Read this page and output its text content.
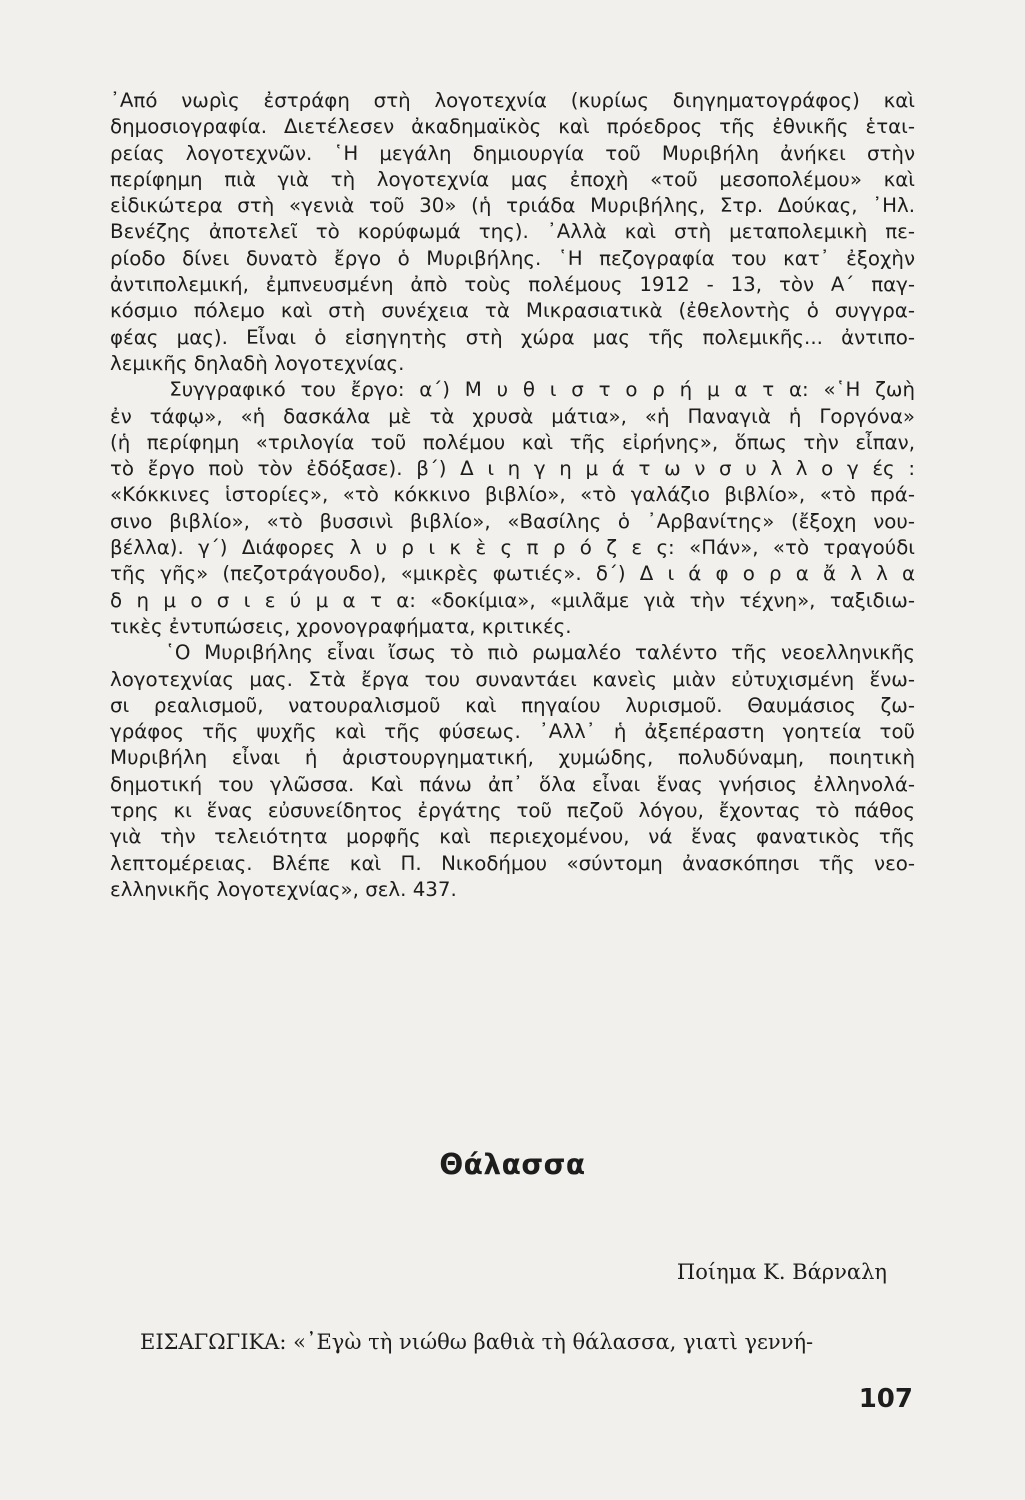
᾿Από νωρὶς ἐστράφη στὴ λογοτεχνία (κυρίως διηγηματογράφος) καὶ
δημοσιογραφία. Διετέλεσεν ἀκαδημαϊκὸς καὶ πρόεδρος τῆς ἐθνικῆς ἑται-
ρείας λογοτεχνῶν. ῾Η μεγάλη δημιουργία τοῦ Μυριβήλη ἀνήκει στὴν
περίφημη πιὰ γιὰ τὴ λογοτεχνία μας ἐποχὴ «τοῦ μεσοπολέμου» καὶ
εἰδικώτερα στὴ «γενιὰ τοῦ 30» (ἡ τριάδα Μυριβήλης, Στρ. Δούκας, ᾿Ηλ.
Βενέζης ἀποτελεῖ τὸ κορύφωμά της). ᾿Αλλὰ καὶ στὴ μεταπολεμικὴ πε-
ρίοδο δίνει δυνατὸ ἔργο ὁ Μυριβήλης. ῾Η πεζογραφία του κατ᾿ ἐξοχὴν
ἀντιπολεμική, ἐμπνευσμένη ἀπὸ τοὺς πολέμους 1912 - 13, τὸν Α΄ παγ-
κόσμιο πόλεμο καὶ στὴ συνέχεια τὰ Μικρασιατικὰ (ἐθελοντὴς ὁ συγγρα-
φέας μας). Εἶναι ὁ εἰσηγητὴς στὴ χώρα μας τῆς πολεμικῆς... ἀντιπο-
λεμικῆς δηλαδὴ λογοτεχνίας.
Συγγραφικό του ἔργο: α΄) Μ υ θ ι σ τ ο ρ ή μ α τ α: «῾Η ζωὴ
ἐν τάφῳ», «ἡ δασκάλα μὲ τὰ χρυσὰ μάτια», «ἡ Παναγιὰ ἡ Γοργόνα»
(ἡ περίφημη «τριλογία τοῦ πολέμου καὶ τῆς εἰρήνης», ὅπως τὴν εἶπαν,
τὸ ἔργο ποὺ τὸν ἐδόξασε). β΄) Δ ι η γ η μ ά τ ω ν σ υ λ λ ο γ ές :
«Κόκκινες ἱστορίες», «τὸ κόκκινο βιβλίο», «τὸ γαλάζιο βιβλίο», «τὸ πρά-
σινο βιβλίο», «τὸ βυσσινὶ βιβλίο», «Βασίλης ὁ ᾿Αρβανίτης» (ἔξοχη νου-
βέλλα). γ΄) Διάφορες λ υ ρ ι κ ὲ ς π ρ ό ζ ε ς: «Πάν», «τὸ τραγούδι
τῆς γῆς» (πεζοτράγουδο), «μικρὲς φωτιές». δ΄) Δ ι ά φ ο ρ α ἄ λ λ α
δ η μ ο σ ι ε ύ μ α τ α: «δοκίμια», «μιλᾶμε γιὰ τὴν τέχνη», ταξιδιω-
τικὲς ἐντυπώσεις, χρονογραφήματα, κριτικές.
῾Ο Μυριβήλης εἶναι ἴσως τὸ πιὸ ρωμαλέο ταλέντο τῆς νεοελληνικῆς
λογοτεχνίας μας. Στὰ ἔργα του συναντάει κανεὶς μιὰν εὐτυχισμένη ἕνω-
σι ρεαλισμοῦ, νατουραλισμοῦ καὶ πηγαίου λυρισμοῦ. Θαυμάσιος ζω-
γράφος τῆς ψυχῆς καὶ τῆς φύσεως. ᾿Αλλ᾿ ἡ ἀξεπέραστη γοητεία τοῦ
Μυριβήλη εἶναι ἡ ἀριστουργηματική, χυμώδης, πολυδύναμη, ποιητικὴ
δημοτική του γλῶσσα. Καὶ πάνω ἀπ᾿ ὅλα εἶναι ἕνας γνήσιος ἐλληνολά-
τρης κι ἕνας εὐσυνείδητος ἐργάτης τοῦ πεζοῦ λόγου, ἔχοντας τὸ πάθος
γιὰ τὴν τελειότητα μορφῆς καὶ περιεχομένου, νά ἕνας φανατικὸς τῆς
λεπτομέρειας. Βλέπε καὶ Π. Νικοδήμου «σύντομη ἀνασκόπησι τῆς νεο-
ελληνικῆς λογοτεχνίας», σελ. 437.
Θάλασσα
Ποίημα Κ. Βάρναλη
ΕΙΣΑΓΩΓΙΚΑ: «᾿Εγὼ τὴ νιώθω βαθιὰ τὴ θάλασσα, γιατὶ γεννή-
107
